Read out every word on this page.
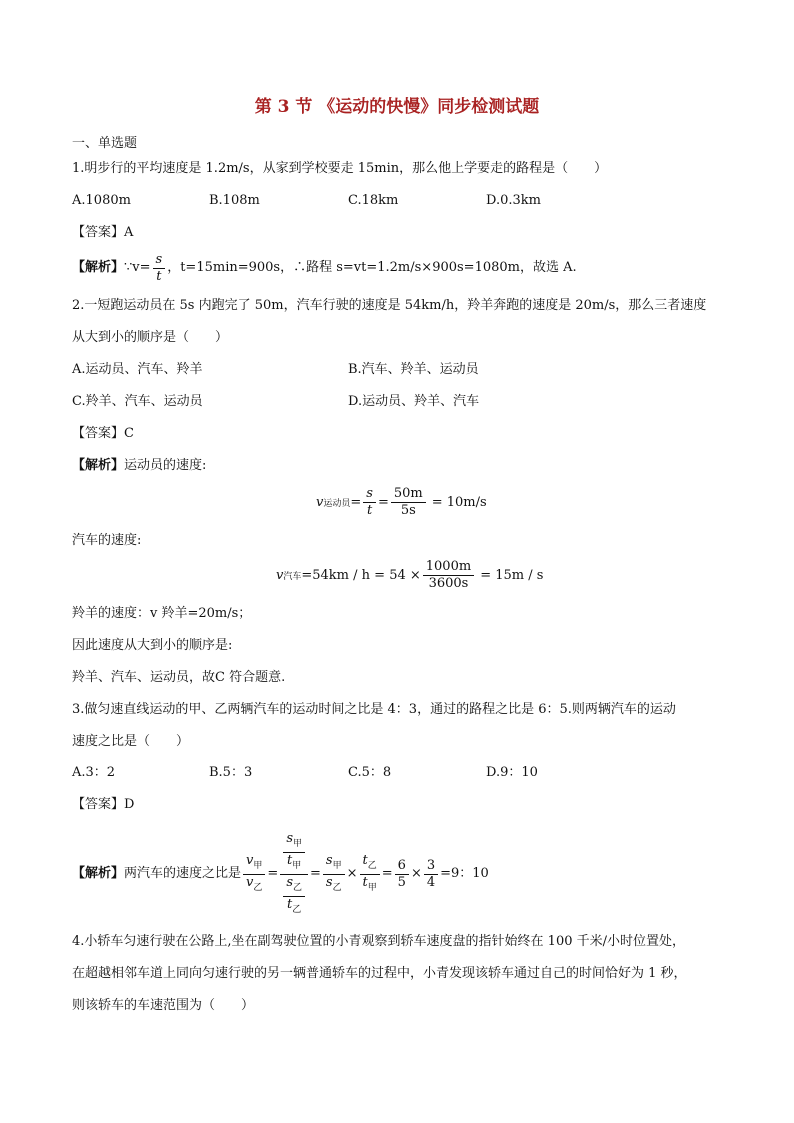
第 3 节 《运动的快慢》同步检测试题
一、单选题
1.明步行的平均速度是 1.2m/s，从家到学校要走 15min，那么他上学要走的路程是（　　）
A.1080m	B.108m	C.18km	D.0.3km
【答案】A
【解析】 ∵v= $\frac{s}{t}$ ，t=15min=900s，∴路程 s=vt=1.2m/s×900s=1080m，故选 A.
2.一短跑运动员在 5s 内跑完了 50m，汽车行驶的速度是 54km/h，羚羊奔跑的速度是 20m/s，那么三者速度
从大到小的顺序是（　　）
A.运动员、汽车、羚羊	B.汽车、羚羊、运动员
C.羚羊、汽车、运动员	D.运动员、羚羊、汽车
【答案】C
【解析】运动员的速度:
v 运动员 = $\frac{s}{t} = \frac{50m}{5s} = 10m/s$
汽车的速度:
v 汽车 $=54km / h = 54 \times \frac{1000m}{3600s} = 15m / s$
羚羊的速度：v 羚羊=20m/s；
因此速度从大到小的顺序是:
羚羊、汽车、运动员，故C 符合题意.
3.做匀速直线运动的甲、乙两辆汽车的运动时间之比是 4：3，通过的路程之比是 6：5.则两辆汽车的运动
速度之比是（　　）
A.3：2	B.5：3	C.5：8	D.9：10
【答案】D
【解析】 两汽车的速度之比是 $\frac{v_甲}{v_乙} = \frac{\frac{s_甲}{t_甲}}{\frac{s_乙}{t_乙}} = \frac{s_甲}{s_乙} \times \frac{t_乙}{t_甲} = \frac{6}{5} \times \frac{3}{4} =9$：10
4.小轿车匀速行驶在公路上,坐在副驾驶位置的小青观察到轿车速度盘的指针始终在 100 千米/小时位置处，
在超越相邻车道上同向匀速行驶的另一辆普通轿车的过程中，小青发现该轿车通过自己的时间恰好为 1 秒，
则该轿车的车速范围为（　　）
